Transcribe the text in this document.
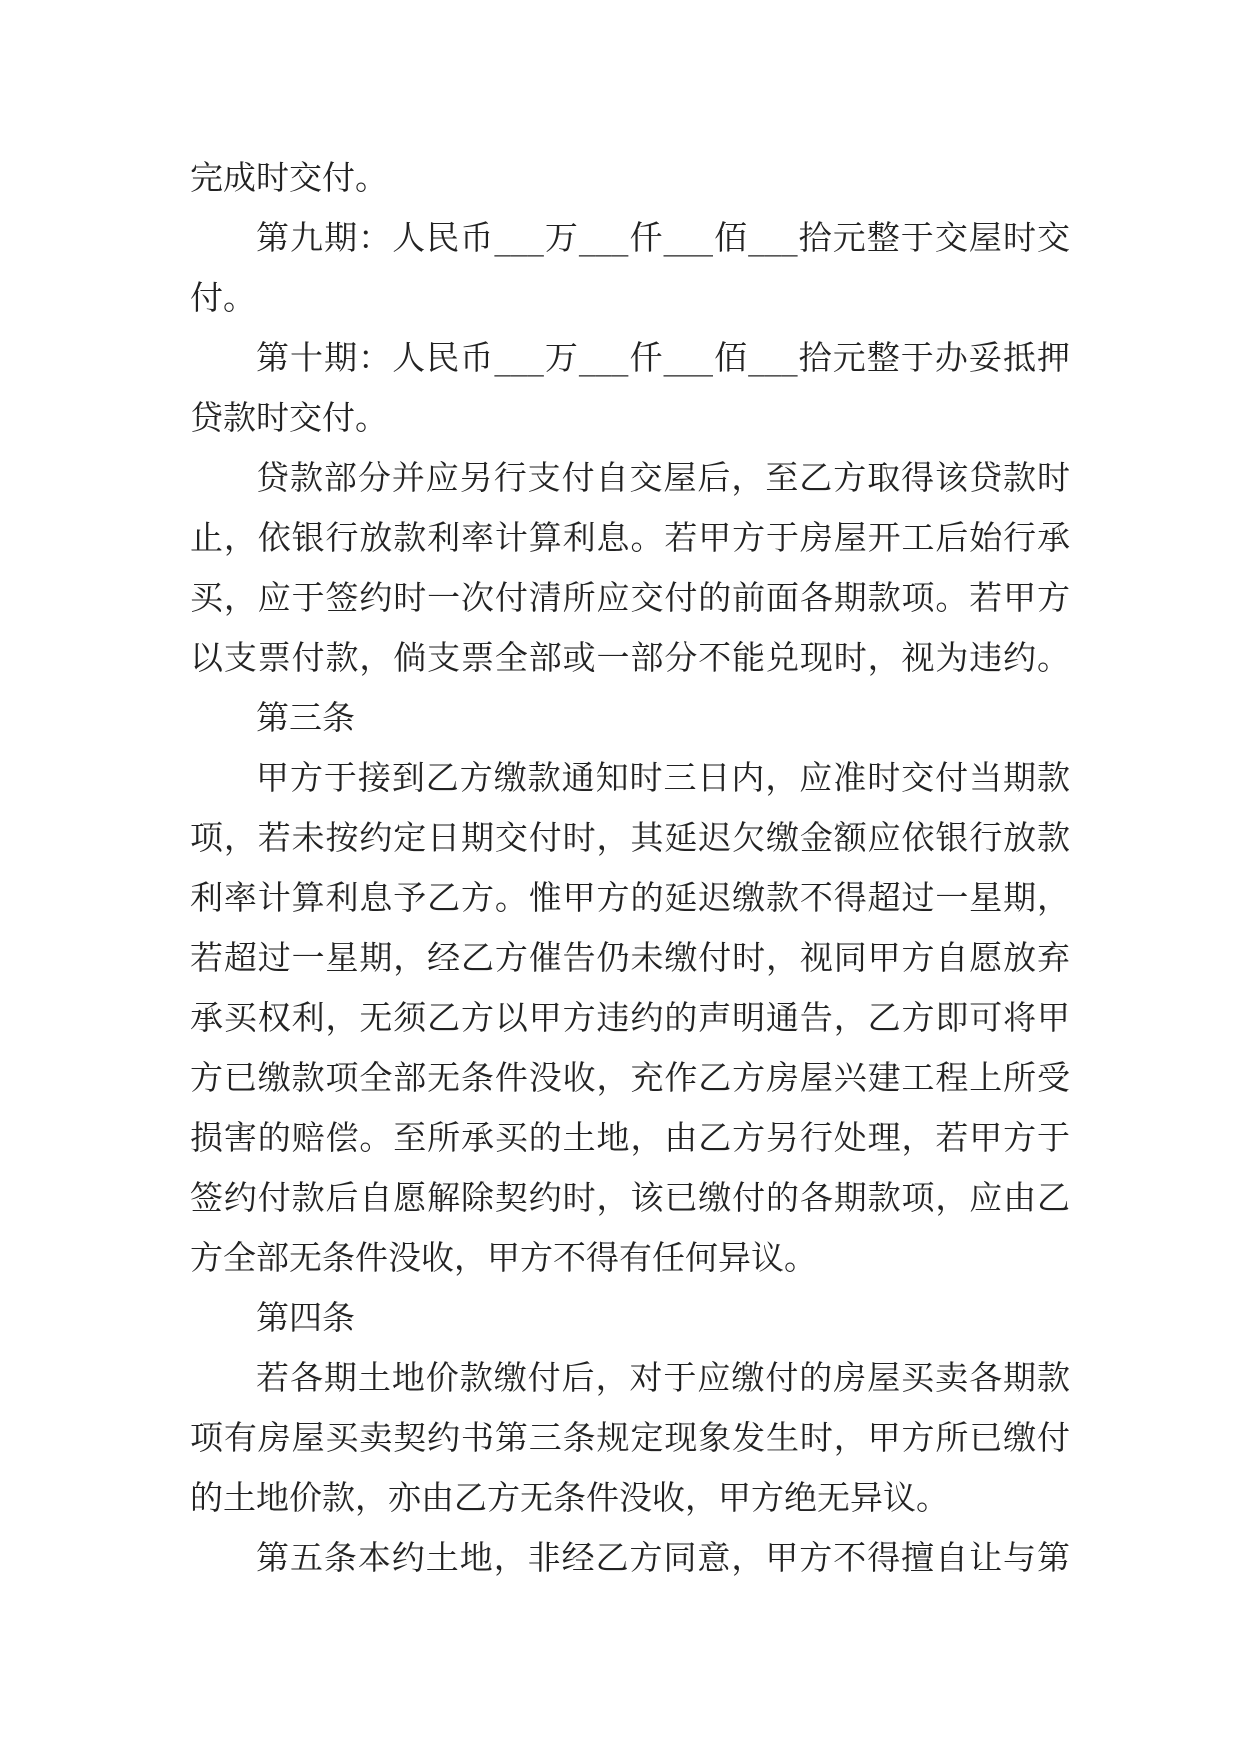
完成时交付。
第九期：人民币___万___仟___佰___拾元整于交屋时交
付。
第十期：人民币___万___仟___佰___拾元整于办妥抵押
贷款时交付。
贷款部分并应另行支付自交屋后，至乙方取得该贷款时
止，依银行放款利率计算利息。若甲方于房屋开工后始行承
买，应于签约时一次付清所应交付的前面各期款项。若甲方
以支票付款，倘支票全部或一部分不能兑现时，视为违约。
第三条
甲方于接到乙方缴款通知时三日内，应准时交付当期款
项，若未按约定日期交付时，其延迟欠缴金额应依银行放款
利率计算利息予乙方。惟甲方的延迟缴款不得超过一星期，
若超过一星期，经乙方催告仍未缴付时，视同甲方自愿放弃
承买权利，无须乙方以甲方违约的声明通告，乙方即可将甲
方已缴款项全部无条件没收，充作乙方房屋兴建工程上所受
损害的赔偿。至所承买的土地，由乙方另行处理，若甲方于
签约付款后自愿解除契约时，该已缴付的各期款项，应由乙
方全部无条件没收，甲方不得有任何异议。
第四条
若各期土地价款缴付后，对于应缴付的房屋买卖各期款
项有房屋买卖契约书第三条规定现象发生时，甲方所已缴付
的土地价款，亦由乙方无条件没收，甲方绝无异议。
第五条本约土地，非经乙方同意，甲方不得擅自让与第
